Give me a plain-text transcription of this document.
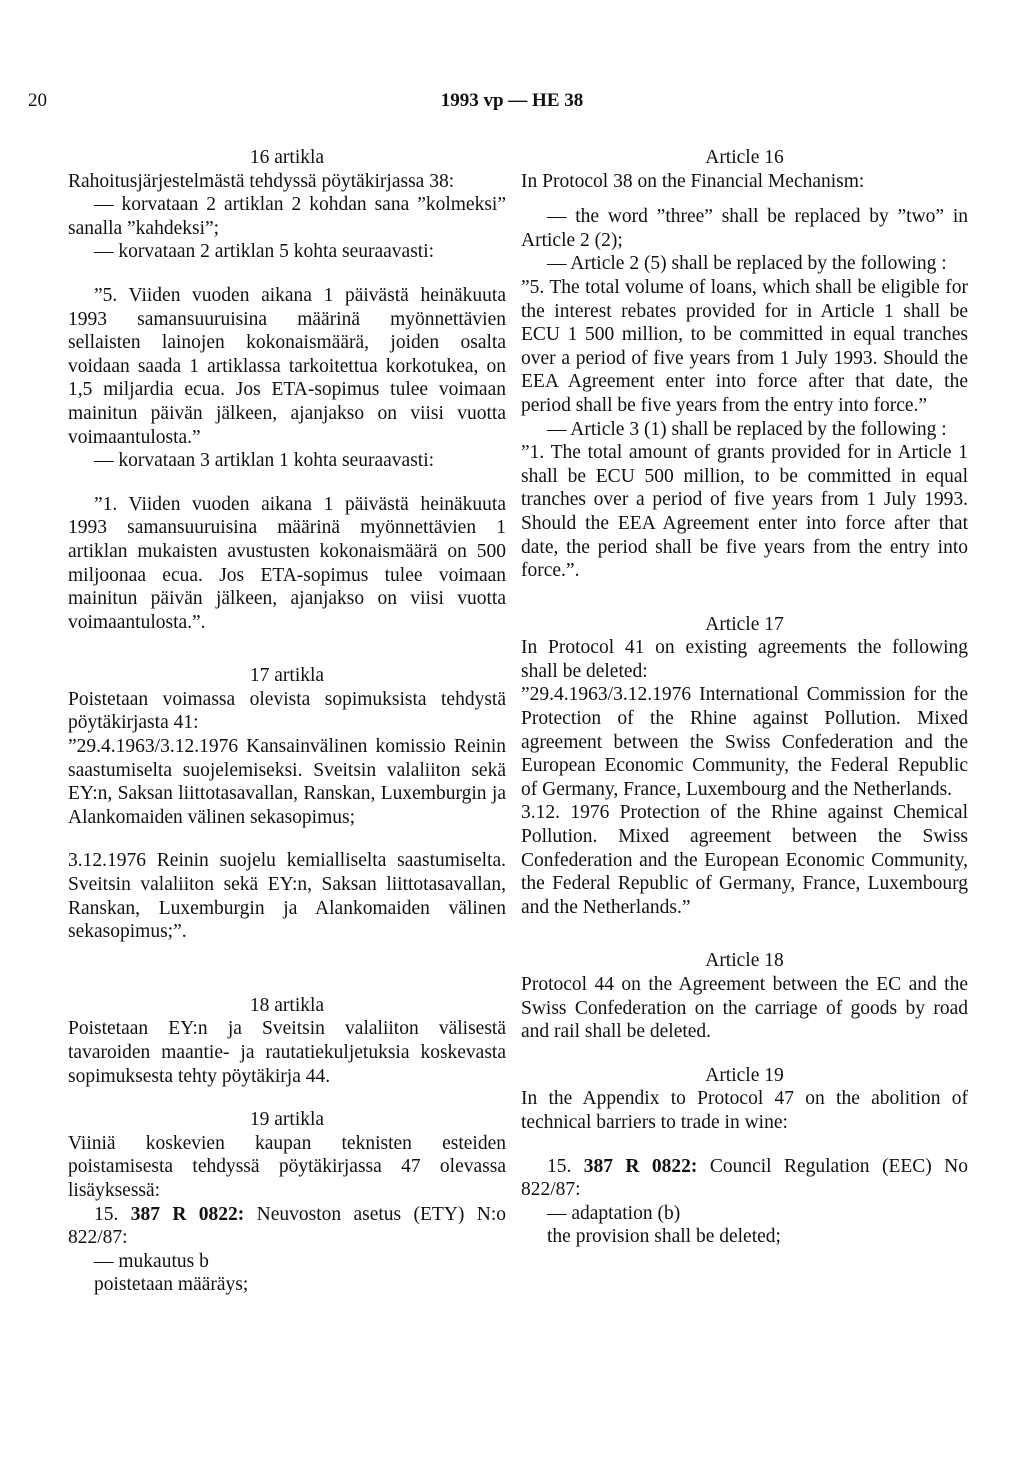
20	1993 vp — HE 38

16 artikla

Rahoitusjärjestelmästä tehdyssä pöytäkirjassa 38:

— korvataan 2 artiklan 2 kohdan sana ”kolmeksi” sanalla ”kahdeksi”;

— korvataan 2 artiklan 5 kohta seuraavasti:

”5. Viiden vuoden aikana 1 päivästä heinäkuuta 1993 samansuuruisina määrinä myönnettävien sellaisten lainojen kokonaismäärä, joiden osalta voidaan saada 1 artiklassa tarkoitettua korkotukea, on 1,5 miljardia ecua. Jos ETA-sopimus tulee voimaan mainitun päivän jälkeen, ajanjakso on viisi vuotta voimaantulosta.”

— korvataan 3 artiklan 1 kohta seuraavasti:

”1. Viiden vuoden aikana 1 päivästä heinäkuuta 1993 samansuuruisina määrinä myönnettävien 1 artiklan mukaisten avustusten kokonaismäärä on 500 miljoonaa ecua. Jos ETA-sopimus tulee voimaan mainitun päivän jälkeen, ajanjakso on viisi vuotta voimaantulosta.”.

17 artikla

Poistetaan voimassa olevista sopimuksista tehdystä pöytäkirjasta 41:

”29.4.1963/3.12.1976 Kansainvälinen komissio Reinin saastumiselta suojelemiseksi. Sveitsin valaliiton sekä EY:n, Saksan liittotasavallan, Ranskan, Luxemburgin ja Alankomaiden välinen sekasopimus;

3.12.1976 Reinin suojelu kemialliselta saastumiselta. Sveitsin valaliiton sekä EY:n, Saksan liittotasavallan, Ranskan, Luxemburgin ja Alankomaiden välinen sekasopimus;”.

18 artikla

Poistetaan EY:n ja Sveitsin valaliiton välisestä tavaroiden maantie- ja rautatiekuljetuksia koskevasta sopimuksesta tehty pöytäkirja 44.

19 artikla

Viiniä koskevien kaupan teknisten esteiden poistamisesta tehdyssä pöytäkirjassa 47 olevassa lisäyksessä:

15. 387 R 0822: Neuvoston asetus (ETY) N:o 822/87:

— mukautus b

poistetaan määräys;

Article 16

In Protocol 38 on the Financial Mechanism:

— the word ”three” shall be replaced by ”two” in Article 2 (2);

— Article 2 (5) shall be replaced by the following :

”5. The total volume of loans, which shall be eligible for the interest rebates provided for in Article 1 shall be ECU 1 500 million, to be committed in equal tranches over a period of five years from 1 July 1993. Should the EEA Agreement enter into force after that date, the period shall be five years from the entry into force.”

— Article 3 (1) shall be replaced by the following :

”1. The total amount of grants provided for in Article 1 shall be ECU 500 million, to be committed in equal tranches over a period of five years from 1 July 1993. Should the EEA Agreement enter into force after that date, the period shall be five years from the entry into force.”.

Article 17

In Protocol 41 on existing agreements the following shall be deleted:

”29.4.1963/3.12.1976 International Commission for the Protection of the Rhine against Pollution. Mixed agreement between the Swiss Confederation and the European Economic Community, the Federal Republic of Germany, France, Luxembourg and the Netherlands.

3.12. 1976 Protection of the Rhine against Chemical Pollution. Mixed agreement between the Swiss Confederation and the European Economic Community, the Federal Republic of Germany, France, Luxembourg and the Netherlands.”

Article 18

Protocol 44 on the Agreement between the EC and the Swiss Confederation on the carriage of goods by road and rail shall be deleted.

Article 19

In the Appendix to Protocol 47 on the abolition of technical barriers to trade in wine:

15. 387 R 0822: Council Regulation (EEC) No 822/87:

— adaptation (b)

the provision shall be deleted;
